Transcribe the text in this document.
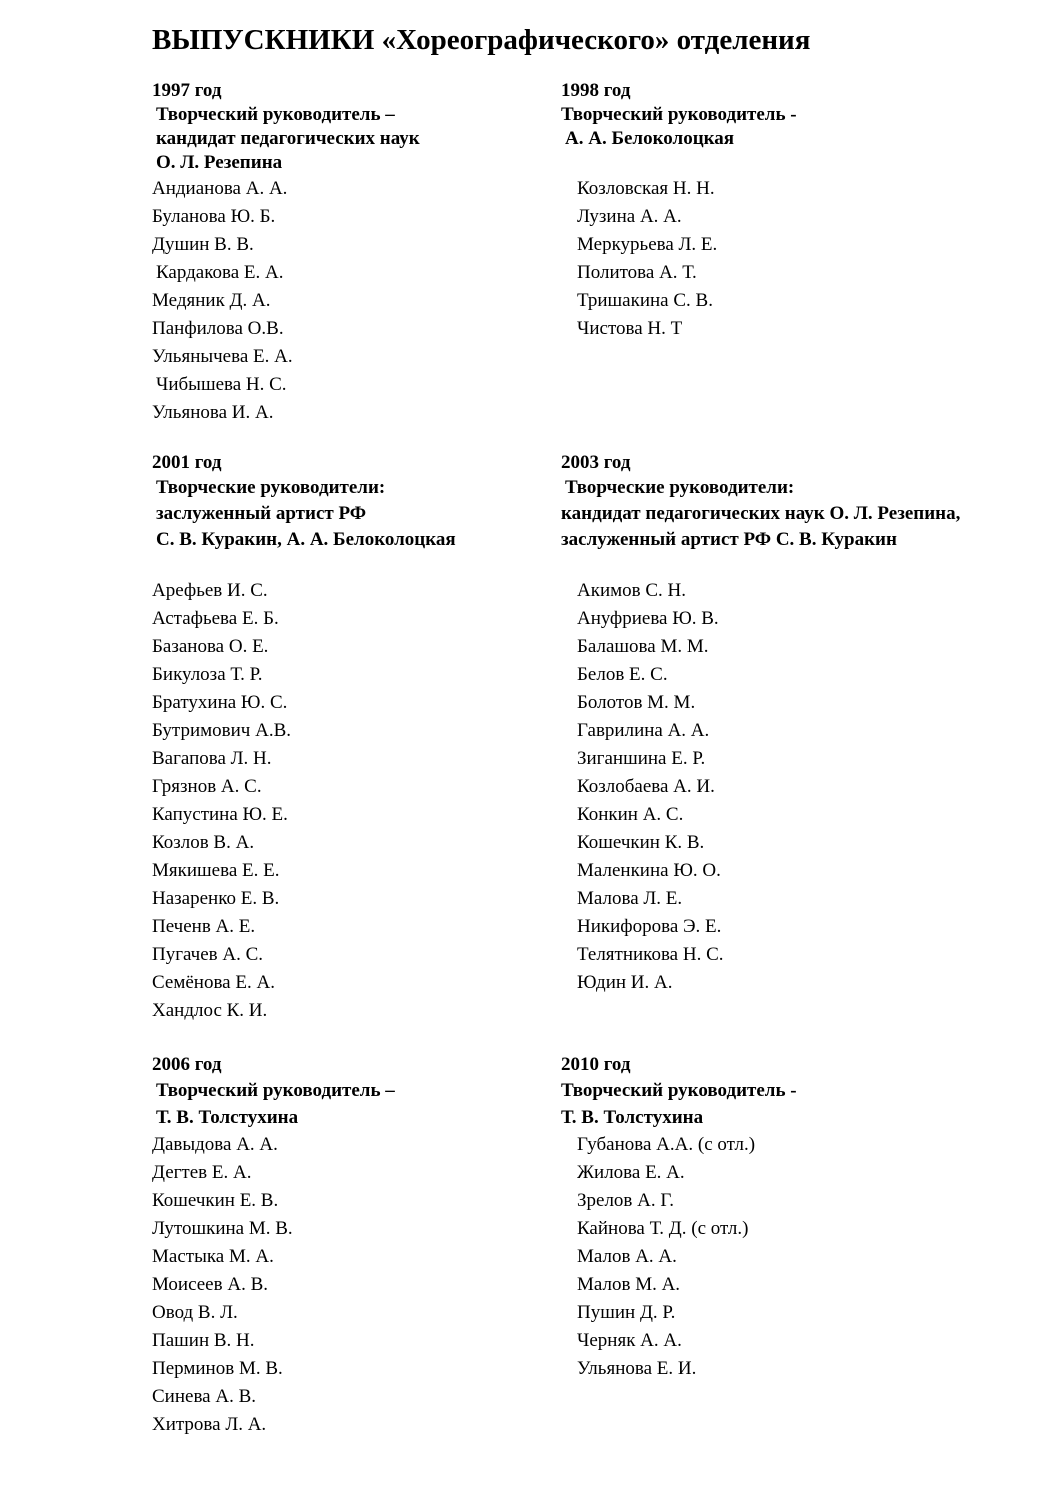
ВЫПУСКНИКИ «Хореографического» отделения
1997 год
Творческий руководитель –
кандидат педагогических наук
О. Л. Резепина
Андианова А. А.
Буланова Ю. Б.
Душин В. В.
Кардакова Е. А.
Медяник Д. А.
Панфилова О.В.
Ульянычева Е. А.
Чибышева Н. С.
Ульянова И. А.
1998 год
Творческий руководитель -
А. А. Белоколоцкая
Козловская Н. Н.
Лузина А. А.
Меркурьева Л. Е.
Политова А. Т.
Тришакина С. В.
Чистова Н. Т
2001 год
Творческие руководители:
заслуженный артист РФ
С. В. Куракин, А. А. Белоколоцкая
Арефьев И. С.
Астафьева Е. Б.
Базанова О. Е.
Бикулоза Т. Р.
Братухина Ю. С.
Бутримович А.В.
Вагапова Л. Н.
Грязнов А. С.
Капустина Ю. Е.
Козлов В. А.
Мякишева Е. Е.
Назаренко Е. В.
Печенв А. Е.
Пугачев А. С.
Семёнова Е. А.
Хандлос К. И.
2003 год
Творческие руководители:
кандидат педагогических наук О. Л. Резепина,
заслуженный артист РФ С. В. Куракин
Акимов С. Н.
Ануфриева Ю. В.
Балашова М. М.
Белов Е. С.
Болотов М. М.
Гаврилина А. А.
Зиганшина Е. Р.
Козлобаева А. И.
Конкин А. С.
Кошечкин К. В.
Маленкина Ю. О.
Малова Л. Е.
Никифорова Э. Е.
Телятникова Н. С.
Юдин И. А.
2006 год
Творческий руководитель –
Т. В. Толстухина
Давыдова А. А.
Дегтев Е. А.
Кошечкин Е. В.
Лутошкина М. В.
Мастыка М. А.
Моисеев А. В.
Овод В. Л.
Пашин В. Н.
Перминов М. В.
Синева А. В.
Хитрова Л. А.
2010 год
Творческий руководитель -
Т. В. Толстухина
Губанова А.А. (с отл.)
Жилова Е. А.
Зрелов А. Г.
Кайнова Т. Д. (с отл.)
Малов А. А.
Малов М. А.
Пушин Д. Р.
Черняк А. А.
Ульянова Е. И.
